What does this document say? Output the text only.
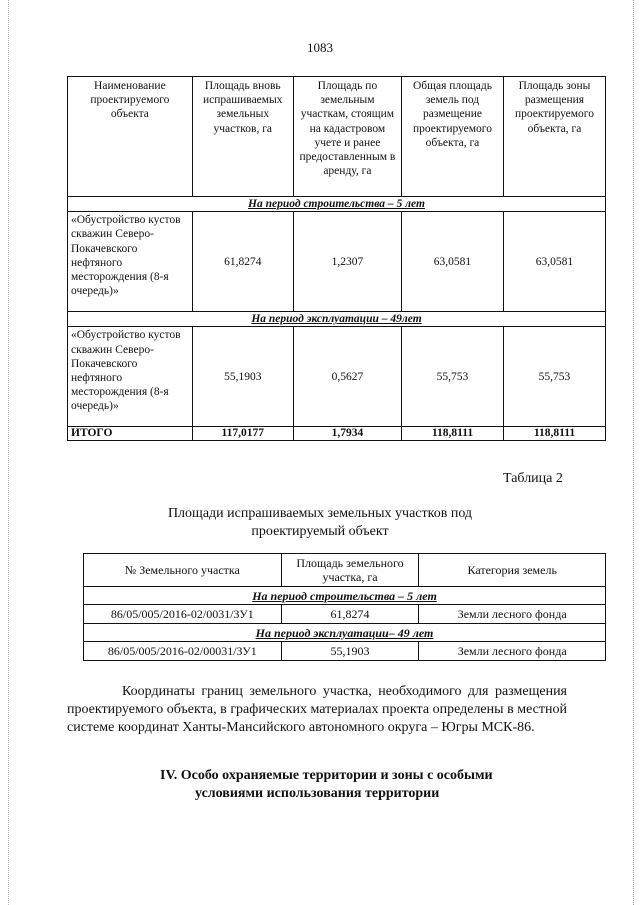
1083
Наименование проектируемого объекта	Площадь вновь испрашиваемых земельных участков, га	Площадь по земельным участкам, стоящим на кадастровом учете и ранее предоставленным в аренду, га	Общая площадь земель под размещение проектируемого объекта, га	Площадь зоны размещения проектируемого объекта, га
На период строительства – 5 лет				
«Обустройство кустов скважин Северо-Покачевского нефтяного месторождения (8-я очередь)»	61,8274	1,2307	63,0581	63,0581
На период эксплуатации – 49лет				
«Обустройство кустов скважин Северо-Покачевского нефтяного месторождения (8-я очередь)»	55,1903	0,5627	55,753	55,753
ИТОГО	117,0177	1,7934	118,8111	118,8111
Таблица 2
Площади испрашиваемых земельных участков под проектируемый объект
№ Земельного участка	Площадь земельного участка, га	Категория земель
На период строительства – 5 лет		
86/05/005/2016-02/0031/ЗУ1	61,8274	Земли лесного фонда
На период эксплуатации– 49 лет		
86/05/005/2016-02/00031/ЗУ1	55,1903	Земли лесного фонда
Координаты границ земельного участка, необходимого для размещения проектируемого объекта, в графических материалах проекта определены в местной системе координат Ханты-Мансийского автономного округа – Югры МСК-86.
IV. Особо охраняемые территории и зоны с особыми
условиями использования территории
